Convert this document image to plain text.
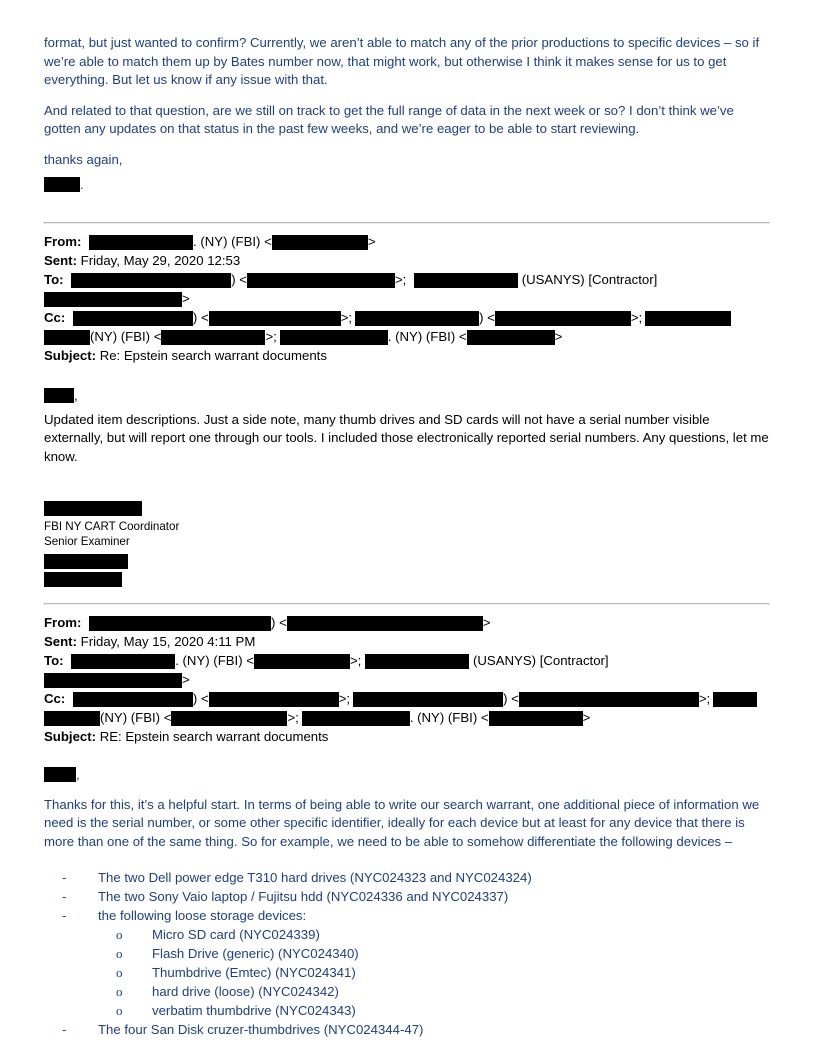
format, but just wanted to confirm? Currently, we aren’t able to match any of the prior productions to specific devices – so if we’re able to match them up by Bates number now, that might work, but otherwise I think it makes sense for us to get everything. But let us know if any issue with that.

And related to that question, are we still on track to get the full range of data in the next week or so? I don’t think we’ve gotten any updates on that status in the past few weeks, and we’re eager to be able to start reviewing.

thanks again,

.
From:	. (NY) (FBI) <	>
Sent: Friday, May 29, 2020 12:53
To:	) <	>;	(USANYS) [Contractor]
>
Cc:	) <	>;	) <	>;
(NY) (FBI) <	>;	. (NY) (FBI) <	>
Subject: Re: Epstein search warrant documents
,

Updated item descriptions. Just a side note, many thumb drives and SD cards will not have a serial number visible externally, but will report one through our tools. I included those electronically reported serial numbers. Any questions, let me know.

FBI NY CART Coordinator
Senior Examiner
From:	) <	>
Sent: Friday, May 15, 2020 4:11 PM
To:	. (NY) (FBI) <	>;	(USANYS) [Contractor]
>
Cc:	) <	>;	) <	>;
(NY) (FBI) <	>;	. (NY) (FBI) <	>
Subject: RE: Epstein search warrant documents
,

Thanks for this, it’s a helpful start. In terms of being able to write our search warrant, one additional piece of information we need is the serial number, or some other specific identifier, ideally for each device but at least for any device that there is more than one of the same thing. So for example, we need to be able to somehow differentiate the following devices –

-	The two Dell power edge T310 hard drives (NYC024323 and NYC024324)
-	The two Sony Vaio laptop / Fujitsu hdd (NYC024336 and NYC024337)
-	the following loose storage devices:
o	Micro SD card (NYC024339)
o	Flash Drive (generic) (NYC024340)
o	Thumbdrive (Emtec) (NYC024341)
o	hard drive (loose) (NYC024342)
o	verbatim thumbdrive (NYC024343)
-	The four San Disk cruzer-thumbdrives (NYC024344-47)
